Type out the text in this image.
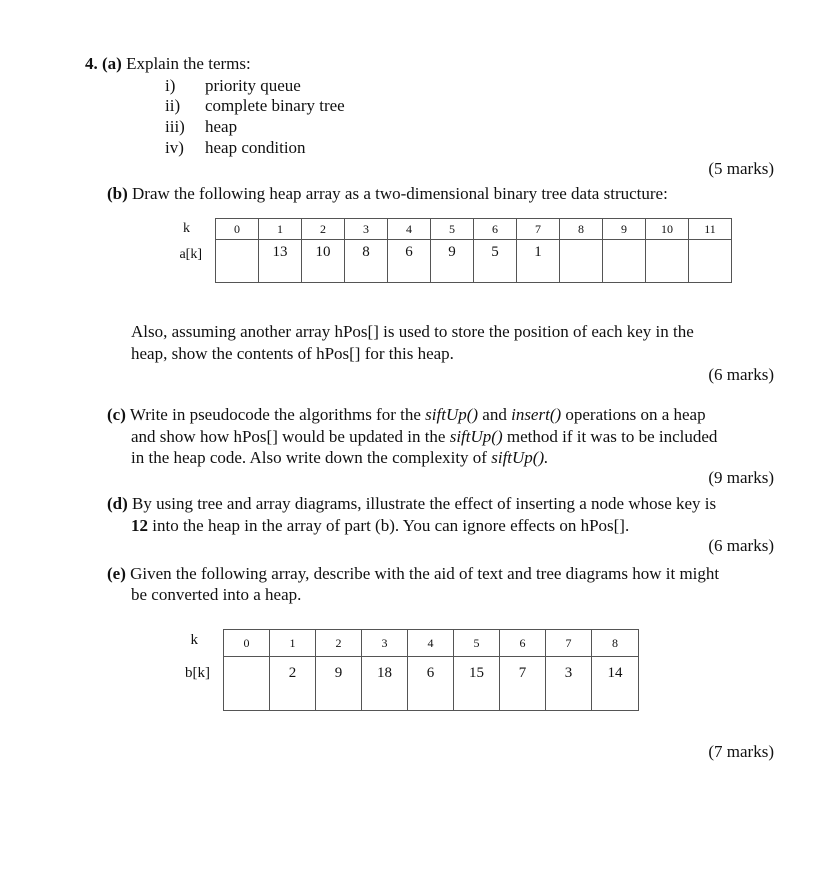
4. (a) Explain the terms:
i)	priority queue
ii)	complete binary tree
iii)	heap
iv)	heap condition
(5 marks)
(b) Draw the following heap array as a two-dimensional binary tree data structure:
k
a[k]
0	1	2	3	4	5	6	7	8	9	10	11
	13	10	8	6	9	5	1				
Also, assuming another array hPos[] is used to store the position of each key in the
heap, show the contents of hPos[] for this heap.
(6 marks)
(c) Write in pseudocode the algorithms for the siftUp() and insert() operations on a heap
and show how hPos[] would be updated in the siftUp() method if it was to be included
in the heap code. Also write down the complexity of siftUp().
(9 marks)
(d) By using tree and array diagrams, illustrate the effect of inserting a node whose key is
12 into the heap in the array of part (b). You can ignore effects on hPos[].
(6 marks)
(e) Given the following array, describe with the aid of text and tree diagrams how it might
be converted into a heap.
k
b[k]
0	1	2	3	4	5	6	7	8
	2	9	18	6	15	7	3	14
(7 marks)
